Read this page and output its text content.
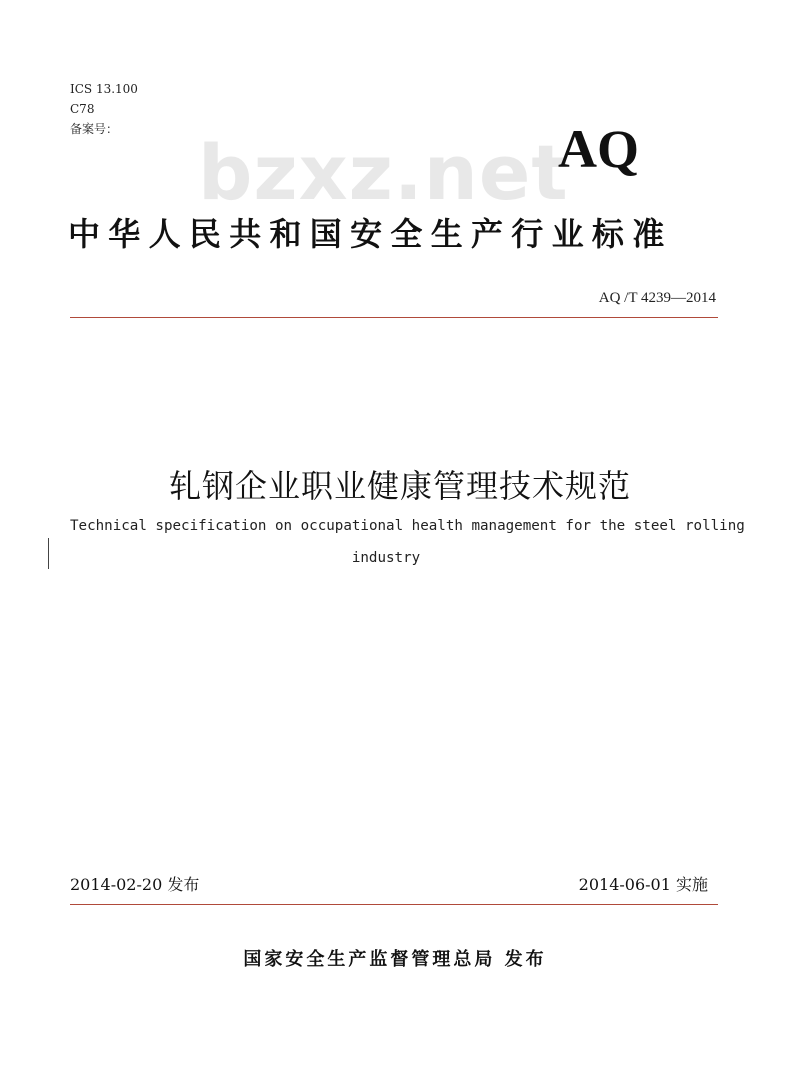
ICS 13.100
C78
备案号： bzxz.net
AQ
中华人民共和国安全生产行业标准
AQ /T 4239—2014
轧钢企业职业健康管理技术规范
Technical specification on occupational health management for the steel rolling
industry
2014-02-20 发布	2014-06-01 实施
国家安全生产监督管理总局 发布
